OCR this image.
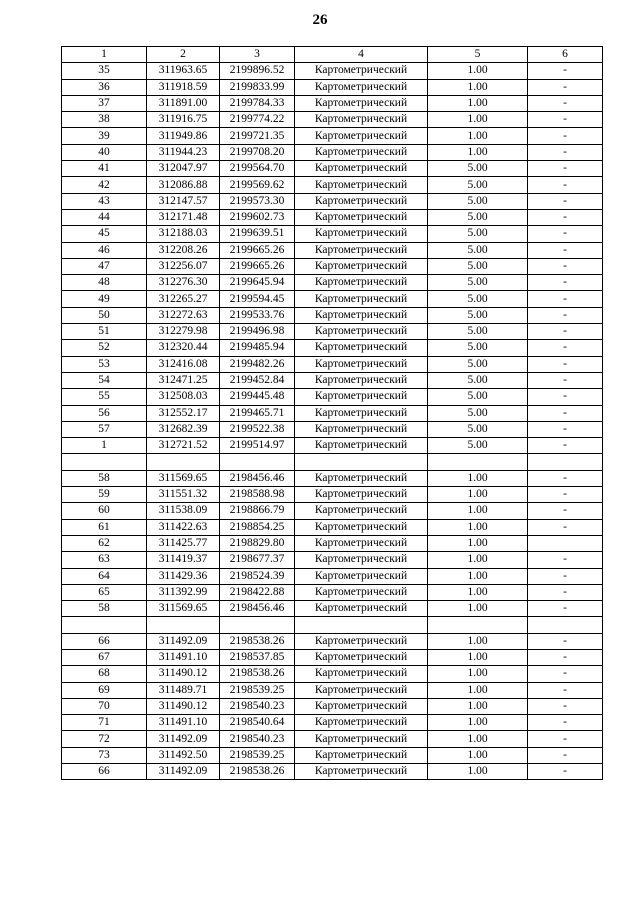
26
1	2	3	4	5	6
35	311963.65	2199896.52	Картометрический	1.00	-
36	311918.59	2199833.99	Картометрический	1.00	-
37	311891.00	2199784.33	Картометрический	1.00	-
38	311916.75	2199774.22	Картометрический	1.00	-
39	311949.86	2199721.35	Картометрический	1.00	-
40	311944.23	2199708.20	Картометрический	1.00	-
41	312047.97	2199564.70	Картометрический	5.00	-
42	312086.88	2199569.62	Картометрический	5.00	-
43	312147.57	2199573.30	Картометрический	5.00	-
44	312171.48	2199602.73	Картометрический	5.00	-
45	312188.03	2199639.51	Картометрический	5.00	-
46	312208.26	2199665.26	Картометрический	5.00	-
47	312256.07	2199665.26	Картометрический	5.00	-
48	312276.30	2199645.94	Картометрический	5.00	-
49	312265.27	2199594.45	Картометрический	5.00	-
50	312272.63	2199533.76	Картометрический	5.00	-
51	312279.98	2199496.98	Картометрический	5.00	-
52	312320.44	2199485.94	Картометрический	5.00	-
53	312416.08	2199482.26	Картометрический	5.00	-
54	312471.25	2199452.84	Картометрический	5.00	-
55	312508.03	2199445.48	Картометрический	5.00	-
56	312552.17	2199465.71	Картометрический	5.00	-
57	312682.39	2199522.38	Картометрический	5.00	-
1	312721.52	2199514.97	Картометрический	5.00	-

58	311569.65	2198456.46	Картометрический	1.00	-
59	311551.32	2198588.98	Картометрический	1.00	-
60	311538.09	2198866.79	Картометрический	1.00	-
61	311422.63	2198854.25	Картометрический	1.00	-
62	311425.77	2198829.80	Картометрический	1.00	
63	311419.37	2198677.37	Картометрический	1.00	-
64	311429.36	2198524.39	Картометрический	1.00	-
65	311392.99	2198422.88	Картометрический	1.00	-
58	311569.65	2198456.46	Картометрический	1.00	-

66	311492.09	2198538.26	Картометрический	1.00	-
67	311491.10	2198537.85	Картометрический	1.00	-
68	311490.12	2198538.26	Картометрический	1.00	-
69	311489.71	2198539.25	Картометрический	1.00	-
70	311490.12	2198540.23	Картометрический	1.00	-
71	311491.10	2198540.64	Картометрический	1.00	-
72	311492.09	2198540.23	Картометрический	1.00	-
73	311492.50	2198539.25	Картометрический	1.00	-
66	311492.09	2198538.26	Картометрический	1.00	-
